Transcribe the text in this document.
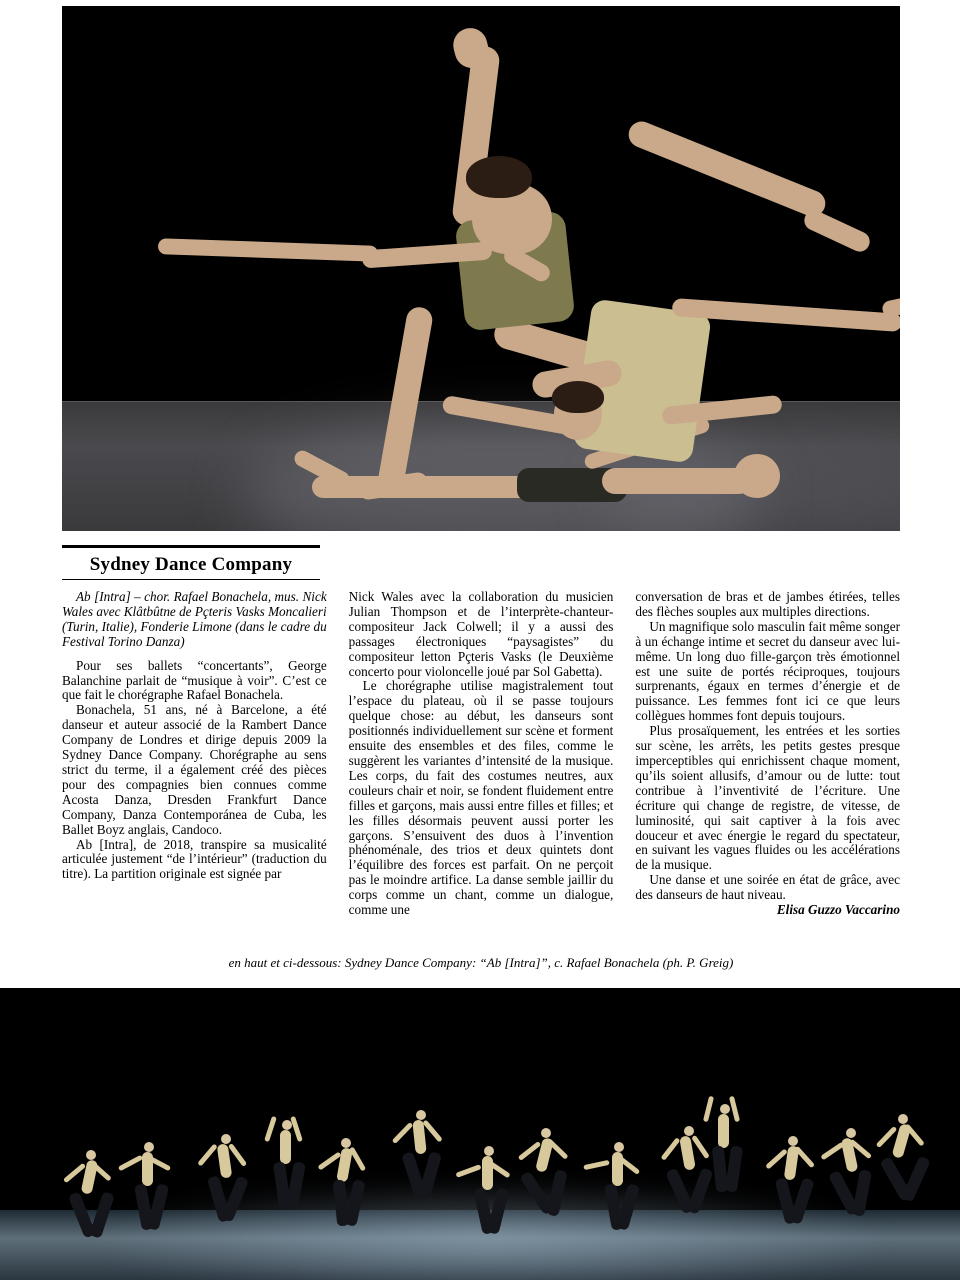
Sydney Dance Company

Ab [Intra] – chor. Rafael Bonachela, mus. Nick Wales avec Klâtbûtne de Pçteris Vasks Moncalieri (Turin, Italie), Fonderie Limone (dans le cadre du Festival Torino Danza)

Pour ses ballets “concertants”, George Balanchine parlait de “musique à voir”. C’est ce que fait le chorégraphe Rafael Bonachela.

Bonachela, 51 ans, né à Barcelone, a été danseur et auteur associé de la Rambert Dance Company de Londres et dirige depuis 2009 la Sydney Dance Company. Chorégraphe au sens strict du terme, il a également créé des pièces pour des compagnies bien connues comme Acosta Danza, Dresden Frankfurt Dance Company, Danza Contemporánea de Cuba, les Ballet Boyz anglais, Candoco.

Ab [Intra], de 2018, transpire sa musicalité articulée justement “de l’intérieur” (traduction du titre). La partition originale est signée par

Nick Wales avec la collaboration du musicien Julian Thompson et de l’interprète-chanteur-compositeur Jack Colwell; il y a aussi des passages électroniques “paysagistes” du compositeur letton Pçteris Vasks (le Deuxième concerto pour violoncelle joué par Sol Gabetta).

Le chorégraphe utilise magistralement tout l’espace du plateau, où il se passe toujours quelque chose: au début, les danseurs sont positionnés individuellement sur scène et forment ensuite des ensembles et des files, comme le suggèrent les variantes d’intensité de la musique. Les corps, du fait des costumes neutres, aux couleurs chair et noir, se fondent fluidement entre filles et garçons, mais aussi entre filles et filles; et les filles désormais peuvent aussi porter les garçons. S’ensuivent des duos à l’invention phénoménale, des trios et deux quintets dont l’équilibre des forces est parfait. On ne perçoit pas le moindre artifice. La danse semble jaillir du corps comme un chant, comme un dialogue, comme une

conversation de bras et de jambes étirées, telles des flèches souples aux multiples directions.

Un magnifique solo masculin fait même songer à un échange intime et secret du danseur avec lui-même. Un long duo fille-garçon très émotionnel est une suite de portés réciproques, toujours surprenants, égaux en termes d’énergie et de puissance. Les femmes font ici ce que leurs collègues hommes font depuis toujours.

Plus prosaïquement, les entrées et les sorties sur scène, les arrêts, les petits gestes presque imperceptibles qui enrichissent chaque moment, qu’ils soient allusifs, d’amour ou de lutte: tout contribue à l’inventivité de l’écriture. Une écriture qui change de registre, de vitesse, de luminosité, qui sait captiver à la fois avec douceur et avec énergie le regard du spectateur, en suivant les vagues fluides ou les accélérations de la musique.

Une danse et une soirée en état de grâce, avec des danseurs de haut niveau.

Elisa Guzzo Vaccarino

en haut et ci-dessous: Sydney Dance Company: “Ab [Intra]”, c. Rafael Bonachela (ph. P. Greig)
